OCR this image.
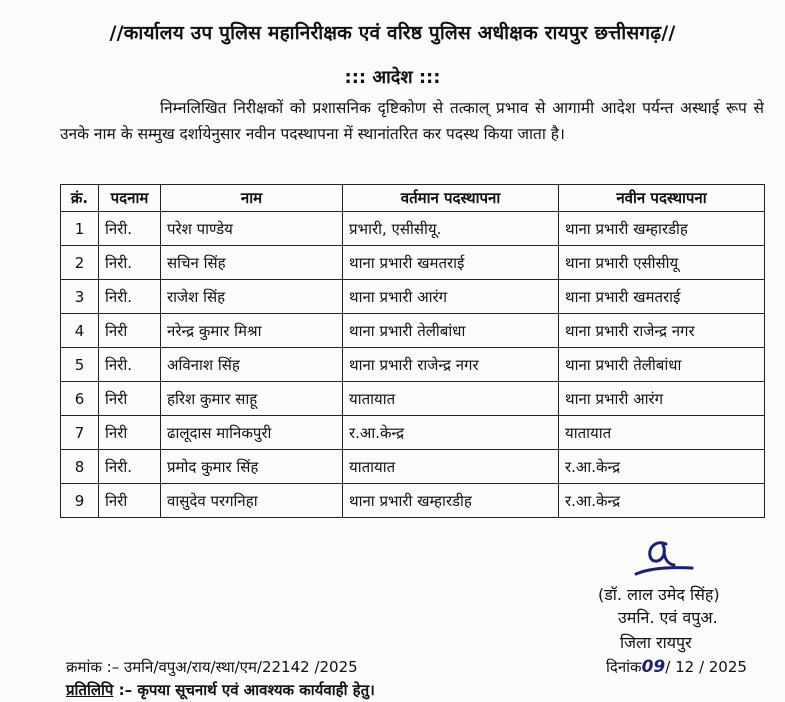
//कार्यालय उप पुलिस महानिरीक्षक एवं वरिष्ठ पुलिस अधीक्षक रायपुर छत्तीसगढ़//
::: आदेश :::
निम्नलिखित निरीक्षकों को प्रशासनिक दृष्टिकोण से तत्काल् प्रभाव से आगामी आदेश पर्यन्त अस्थाई रूप से उनके नाम के सम्मुख दर्शायेनुसार नवीन पदस्थापना में स्थानांतरित कर पदस्थ किया जाता है।
क्रं.	पदनाम	नाम	वर्तमान पदस्थापना	नवीन पदस्थापना
1	निरी.	परेश पाण्डेय	प्रभारी, एसीसीयू.	थाना प्रभारी खम्हारडीह
2	निरी.	सचिन सिंह	थाना प्रभारी खमतराई	थाना प्रभारी एसीसीयू
3	निरी.	राजेश सिंह	थाना प्रभारी आरंग	थाना प्रभारी खमतराई
4	निरी	नरेन्द्र कुमार मिश्रा	थाना प्रभारी तेलीबांधा	थाना प्रभारी राजेन्द्र नगर
5	निरी.	अविनाश सिंह	थाना प्रभारी राजेन्द्र नगर	थाना प्रभारी तेलीबांधा
6	निरी	हरिश कुमार साहू	यातायात	थाना प्रभारी आरंग
7	निरी	ढालूदास मानिकपुरी	र.आ.केन्द्र	यातायात
8	निरी.	प्रमोद कुमार सिंह	यातायात	र.आ.केन्द्र
9	निरी	वासुदेव परगनिहा	थाना प्रभारी खम्हारडीह	र.आ.केन्द्र
(डॉ. लाल उमेद सिंह)
उमनि. एवं वपुअ.
जिला रायपुर
क्रमांक :– उमनि/वपुअ/राय/स्था/एम/22142 /2025	दिनांक09/ 12 / 2025
प्रतिलिपि :– कृपया सूचनार्थ एवं आवश्यक कार्यवाही हेतु।
